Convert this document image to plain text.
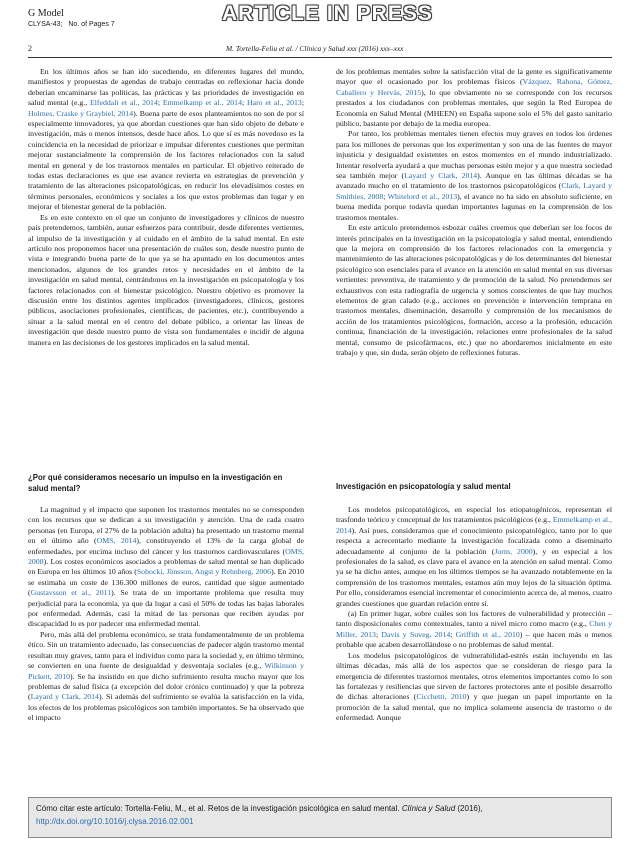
G Model
CLYSA-43; No. of Pages 7	ARTICLE IN PRESS
2	M. Tortella-Feliu et al. / Clínica y Salud xxx (2016) xxx–xxx

En los últimos años se han ido sucediendo, en diferentes lugares del mundo, manifiestos y propuestas de agendas de trabajo centradas en reflexionar hacia donde deberían encaminarse las políticas, las prácticas y las prioridades de investigación en salud mental (e.g., Elfeddali et al., 2014; Emmelkamp et al., 2014; Haro et al., 2013; Holmes, Craske y Graybiel, 2014). Buena parte de esos planteamientos no son de por sí especialmente innovadores, ya que abordan cuestiones que han sido objeto de debate e investigación, más o menos intensos, desde hace años. Lo que sí es más novedoso es la coincidencia en la necesidad de priorizar e impulsar diferentes cuestiones que permitan mejorar sustancialmente la comprensión de los factores relacionados con la salud mental en general y de los trastornos mentales en particular. El objetivo reiterado de todas estas declaraciones es que ese avance revierta en estrategias de prevención y tratamiento de las alteraciones psicopatológicas, en reducir los elevadísimos costes en términos personales, económicos y sociales a los que estos problemas dan lugar y en mejorar el bienestar general de la población.

Es en este contexto en el que un conjunto de investigadores y clínicos de nuestro país pretendemos, también, aunar esfuerzos para contribuir, desde diferentes vertientes, al impulso de la investigación y al cuidado en el ámbito de la salud mental. En este artículo nos proponemos hacer una presentación de cuáles son, desde nuestro punto de vista e integrando buena parte de lo que ya se ha apuntado en los documentos antes mencionados, algunos de los grandes retos y necesidades en el ámbito de la investigación en salud mental, centrándonos en la investigación en psicopatología y los factores relacionados con el bienestar psicológico. Nuestro objetivo es promover la discusión entre los distintos agentes implicados (investigadores, clínicos, gestores públicos, asociaciones profesionales, científicas, de pacientes, etc.), contribuyendo a situar a la salud mental en el centro del debate público, a orientar las líneas de investigación que desde nuestro punto de vista son fundamentales e incidir de alguna manera en las decisiones de los gestores implicados en la salud mental.

¿Por qué consideramos necesario un impulso en la investigación en salud mental?

La magnitud y el impacto que suponen los trastornos mentales no se corresponden con los recursos que se dedican a su investigación y atención. Una de cada cuatro personas (en Europa, el 27% de la población adulta) ha presentado un trastorno mental en el último año (OMS, 2014), constituyendo el 13% de la carga global de enfermedades, por encima incluso del cáncer y los trastornos cardiovasculares (OMS, 2008). Los costes económicos asociados a problemas de salud mental se han duplicado en Europa en los últimos 10 años (Sobocki, Jönsson, Angst y Rehnberg, 2006). En 2010 se estimaba un coste de 136.300 millones de euros, cantidad que sigue aumentado (Gustavsson et al., 2011). Se trata de un importante problema que resulta muy perjudicial para la economía, ya que da lugar a casi el 50% de todas las bajas laborales por enfermedad. Además, casi la mitad de las personas que reciben ayudas por discapacidad lo es por padecer una enfermedad mental.

Pero, más allá del problema económico, se trata fundamentalmente de un problema ético. Sin un tratamiento adecuado, las consecuencias de padecer algún trastorno mental resultan muy graves, tanto para el individuo como para la sociedad y, en último término, se convierten en una fuente de desigualdad y desventaja sociales (e.g., Wilkinson y Pickett, 2010). Se ha insistido en que dicho sufrimiento resulta mucho mayor que los problemas de salud física (a excepción del dolor crónico continuado) y que la pobreza (Layard y Clark, 2014). Si además del sufrimiento se evalúa la satisfacción en la vida, los efectos de los problemas psicológicos son también importantes. Se ha observado que el impacto

de los problemas mentales sobre la satisfacción vital de la gente es significativamente mayor que el ocasionado por los problemas físicos (Vázquez, Rahona, Gómez, Caballero y Hervás, 2015), lo que obviamente no se corresponde con los recursos prestados a los ciudadanos con problemas mentales, que según la Red Europea de Economía en Salud Mental (MHEEN) en España supone solo el 5% del gasto sanitario público, bastante por debajo de la media europea.

Por tanto, los problemas mentales tienen efectos muy graves en todos los órdenes para los millones de personas que los experimentan y son una de las fuentes de mayor injusticia y desigualdad existentes en estos momentos en el mundo industrializado. Intentar resolverla ayudará a que muchas personas estén mejor y a que nuestra sociedad sea también mejor (Layard y Clark, 2014). Aunque en las últimas décadas se ha avanzado mucho en el tratamiento de los trastornos psicopatológicos (Clark, Layard y Smithies, 2008; Whitelord et al., 2013), el avance no ha sido en absoluto suficiente, en buena medida porque todavía quedan importantes lagunas en la comprensión de los trastornos mentales.

En este artículo pretendemos esbozar cuáles creemos que deberían ser los focos de interés principales en la investigación en la psicopatología y salud mental, entendiendo que la mejora en comprensión de los factores relacionados con la emergencia y mantenimiento de las alteraciones psicopatológicas y de los determinantes del bienestar psicológico son esenciales para el avance en la atención en salud mental en sus diversas vertientes: preventiva, de tratamiento y de promoción de la salud. No pretendemos ser exhaustivos con esta radiografía de urgencia y somos conscientes de que hay muchos elementos de gran calado (e.g., acciones en prevención e intervención temprana en trastornos mentales, diseminación, desarrollo y comprensión de los mecanismos de acción de los tratamientos psicológicos, formación, acceso a la profesión, educación continua, financiación de la investigación, relaciones entre profesionales de la salud mental, consumo de psicofármacos, etc.) que no abordaremos inicialmente en este trabajo y que, sin duda, serán objeto de reflexiones futuras.

Investigación en psicopatología y salud mental

Los modelos psicopatológicos, en especial los etiopatogénicos, representan el trasfondo teórico y conceptual de los tratamientos psicológicos (e.g., Emmelkamp et al., 2014). Así pues, consideramos que el conocimiento psicopatológico, tanto por lo que respecta a acrecentarlo mediante la investigación focalizada como a diseminarlo adecuadamente al conjunto de la población (Jorm, 2000), y en especial a los profesionales de la salud, es clave para el avance en la atención en salud mental. Como ya se ha dicho antes, aunque en los últimos tiempos se ha avanzado notablemente en la comprensión de los trastornos mentales, estamos aún muy lejos de la situación óptima. Por ello, consideramos esencial incrementar el conocimiento acerca de, al menos, cuatro grandes cuestiones que guardan relación entre sí.

(a) En primer lugar, sobre cuáles son los factores de vulnerabilidad y protección – tanto disposicionales como contextuales, tanto a nivel micro como macro (e.g., Chen y Miller, 2013; Davis y Suveg, 2014; Griffith et al., 2010) – que hacen más o menos probable que acaben desarrollándose o no problemas de salud mental.

Los modelos psicopatológicos de vulnerabilidad-estrés están incluyendo en las últimas décadas, más allá de los aspectos que se consideran de riesgo para la emergencia de diferentes trastornos mentales, otros elementos importantes como lo son las fortalezas y resiliencias que sirven de factores protectores ante el posible desarrollo de dichas alteraciones (Cicchetti, 2010) y que juegan un papel importante en la promoción de la salud mental, que no implica solamente ausencia de trastorno o de enfermedad. Aunque

Cómo citar este artículo: Tortella-Feliu, M., et al. Retos de la investigación psicológica en salud mental. Clínica y Salud (2016),
http://dx.doi.org/10.1016/j.clysa.2016.02.001
